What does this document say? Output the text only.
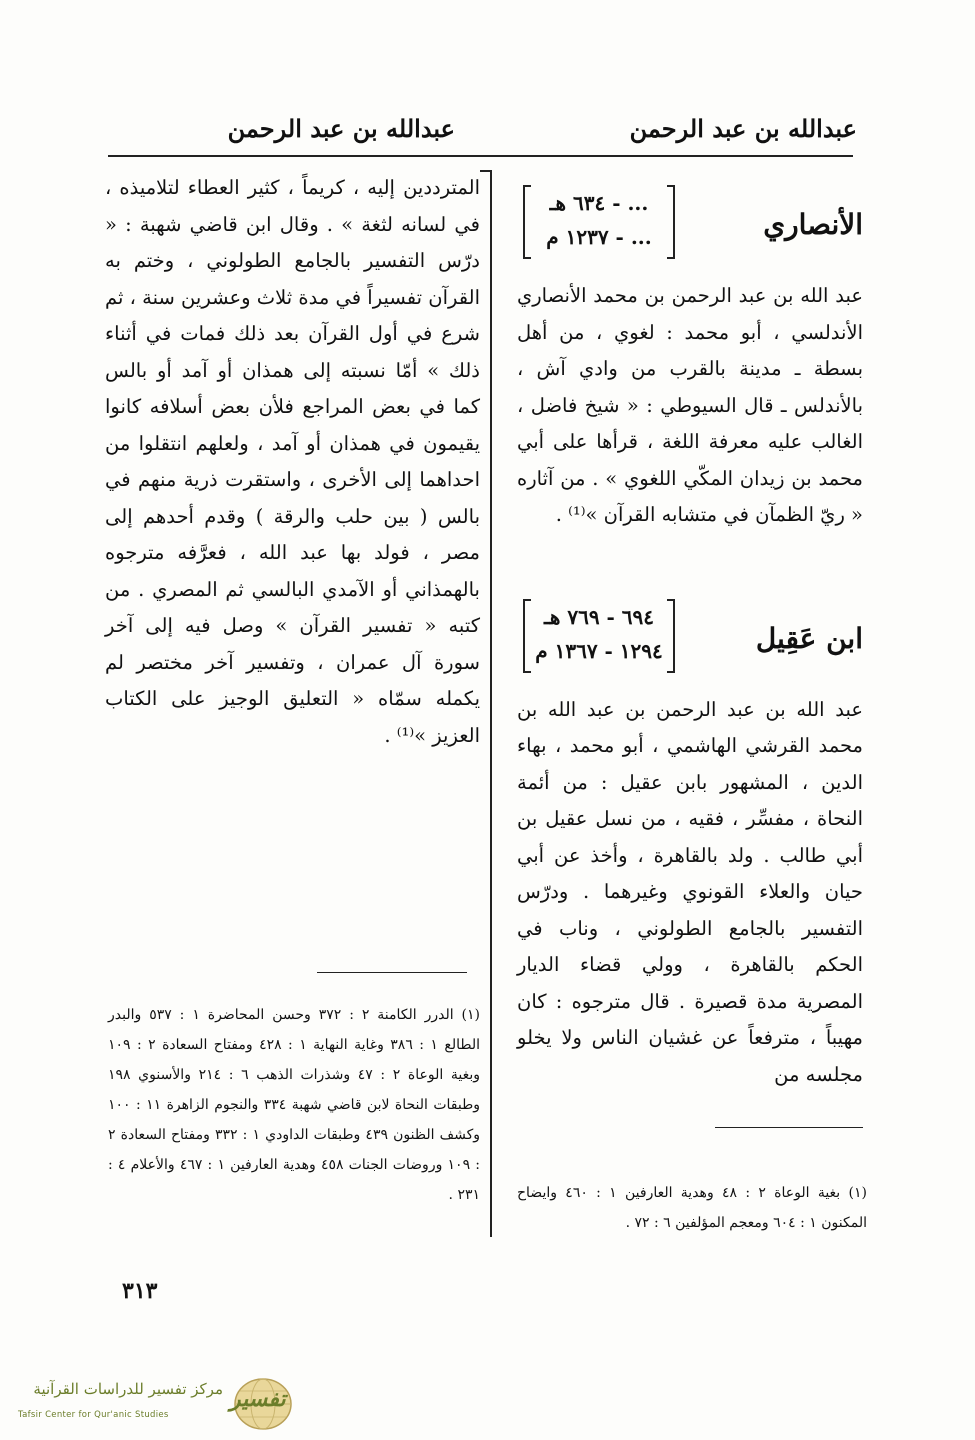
عبدالله بن عبد الرحمن
عبدالله بن عبد الرحمن
الأنصاري
... - ٦٣٤ هـ
... - ١٢٣٧ م

عبد الله بن عبد الرحمن بن محمد الأنصاري الأندلسي ، أبو محمد : لغوي ، من أهل بسطة ـ مدينة بالقرب من وادي آش ، بالأندلس ـ قال السيوطي : « شيخ فاضل ، الغالب عليه معرفة اللغة ، قرأها على أبي محمد بن زيدان المكّي اللغوي » . من آثاره « ريّ الظمآن في متشابه القرآن »⁽¹⁾ .

ابن عَقِيل
٦٩٤ - ٧٦٩ هـ
١٢٩٤ - ١٣٦٧ م

عبد الله بن عبد الرحمن بن عبد الله بن محمد القرشي الهاشمي ، أبو محمد ، بهاء الدين ، المشهور بابن عقيل : من أئمة النحاة ، مفسِّر ، فقيه ، من نسل عقيل بن أبي طالب . ولد بالقاهرة ، وأخذ عن أبي حيان والعلاء القونوي وغيرهما . ودرّس التفسير بالجامع الطولوني ، وناب في الحكم بالقاهرة ، وولي قضاء الديار المصرية مدة قصيرة . قال مترجوه : كان مهيباً ، مترفعاً عن غشيان الناس ولا يخلو مجلسه من

المترددين إليه ، كريماً ، كثير العطاء لتلاميذه ، في لسانه لثغة » . وقال ابن قاضي شهبة : « درّس التفسير بالجامع الطولوني ، وختم به القرآن تفسيراً في مدة ثلاث وعشرين سنة ، ثم شرع في أول القرآن بعد ذلك فمات في أثناء ذلك » أمّا نسبته إلى همذان أو آمد أو بالس كما في بعض المراجع فلأن بعض أسلافه كانوا يقيمون في همذان أو آمد ، ولعلهم انتقلوا من احداهما إلى الأخرى ، واستقرت ذرية منهم في بالس ( بين حلب والرقة ) وقدم أحدهم إلى مصر ، فولد بها عبد الله ، فعرَّفه مترجوه بالهمذاني أو الآمدي البالسي ثم المصري . من كتبه « تفسير القرآن » وصل فيه إلى آخر سورة آل عمران ، وتفسير آخر مختصر لم يكمله سمّاه « التعليق الوجيز على الكتاب العزيز »⁽¹⁾ .

(١) بغية الوعاة ٢ : ٤٨ وهدية العارفين ١ : ٤٦٠ وايضاح المكنون ١ : ٦٠٤ ومعجم المؤلفين ٦ : ٧٢ .

(١) الدرر الكامنة ٢ : ٣٧٢ وحسن المحاضرة ١ : ٥٣٧ والبدر الطالع ١ : ٣٨٦ وغاية النهاية ١ : ٤٢٨ ومفتاح السعادة ٢ : ١٠٩ وبغية الوعاة ٢ : ٤٧ وشذرات الذهب ٦ : ٢١٤ والأسنوي ١٩٨ وطبقات النحاة لابن قاضي شهبة ٣٣٤ والنجوم الزاهرة ١١ : ١٠٠ وكشف الظنون ٤٣٩ وطبقات الداودي ١ : ٣٣٢ ومفتاح السعادة ٢ : ١٠٩ وروضات الجنات ٤٥٨ وهدية العارفين ١ : ٤٦٧ والأعلام ٤ : ٢٣١ .

٣١٣
تفسير
مركز تفسير للدراسات القرآنية
Tafsir Center for Qur'anic Studies
